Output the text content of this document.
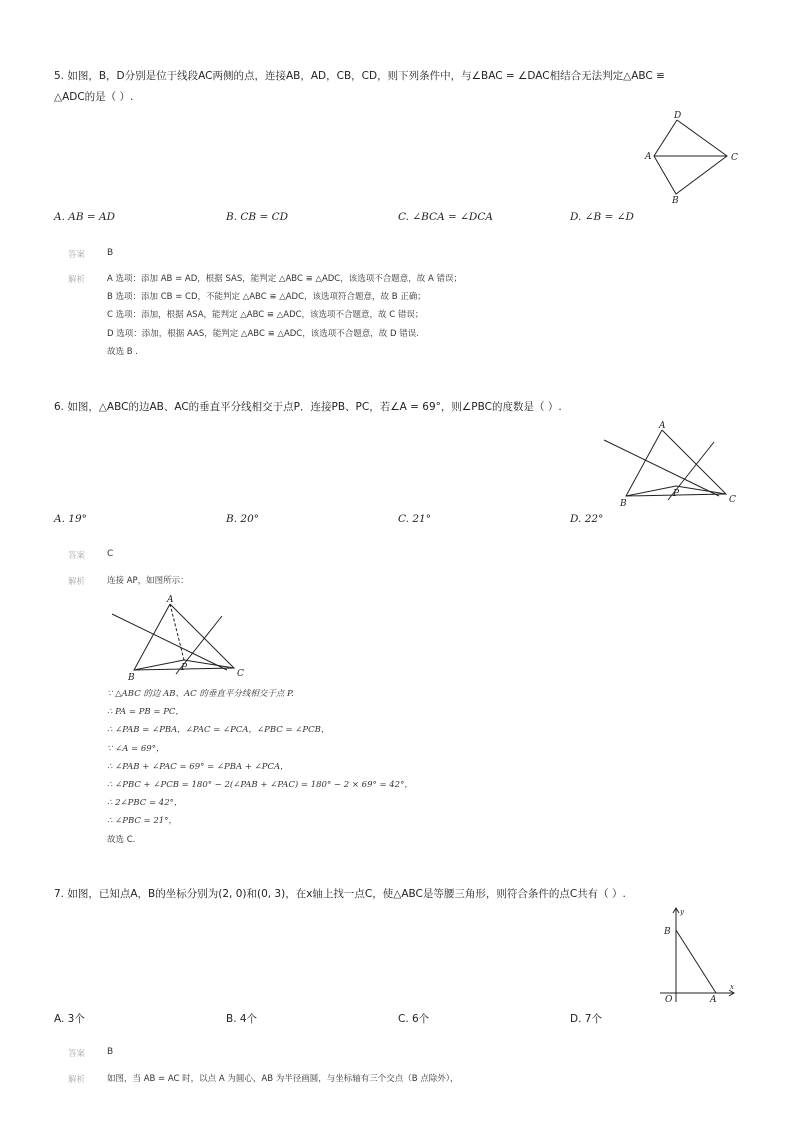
5. 如图，B，D分别是位于线段AC两侧的点，连接AB，AD，CB，CD，则下列条件中，与∠BAC = ∠DAC相结合无法判定△ABC ≌
△ADC的是（ ）.
D
A	C
B
A. AB = AD	B. CB = CD	C. ∠BCA = ∠DCA	D. ∠B = ∠D
答案 B
解析	A 选项：添加 AB = AD，根据 SAS，能判定 △ABC ≌ △ADC，该选项不合题意，故 A 错误；
B 选项：添加 CB = CD，不能判定 △ABC ≌ △ADC，该选项符合题意，故 B 正确；
C 选项：添加，根据 ASA，能判定 △ABC ≌ △ADC，该选项不合题意，故 C 错误；
D 选项：添加，根据 AAS，能判定 △ABC ≌ △ADC，该选项不合题意，故 D 错误.
故选 B .
6. 如图，△ABC的边AB、AC的垂直平分线相交于点P．连接PB、PC，若∠A = 69°，则∠PBC的度数是（ ）.
A
B	C
P
A. 19°	B. 20°	C. 21°	D. 22°
答案 C
解析	连接 AP，如图所示：
A
B	C
P
∵ △ABC 的边 AB、AC 的垂直平分线相交于点 P.
∴ PA = PB = PC，
∴ ∠PAB = ∠PBA，∠PAC = ∠PCA，∠PBC = ∠PCB，
∵ ∠A = 69°，
∴ ∠PAB + ∠PAC = 69° = ∠PBA + ∠PCA，
∴ ∠PBC + ∠PCB = 180° − 2(∠PAB + ∠PAC) = 180° − 2 × 69° = 42°，
∴ 2∠PBC = 42°，
∴ ∠PBC = 21°，
故选 C.
7. 如图，已知点A，B的坐标分别为(2, 0)和(0, 3)，在x轴上找一点C，使△ABC是等腰三角形，则符合条件的点C共有（ ）.
y
x
B
O	A
A. 3个	B. 4个	C. 6个	D. 7个
答案 B
解析	如图，当 AB = AC 时，以点 A 为圆心，AB 为半径画圆，与坐标轴有三个交点（B 点除外），
